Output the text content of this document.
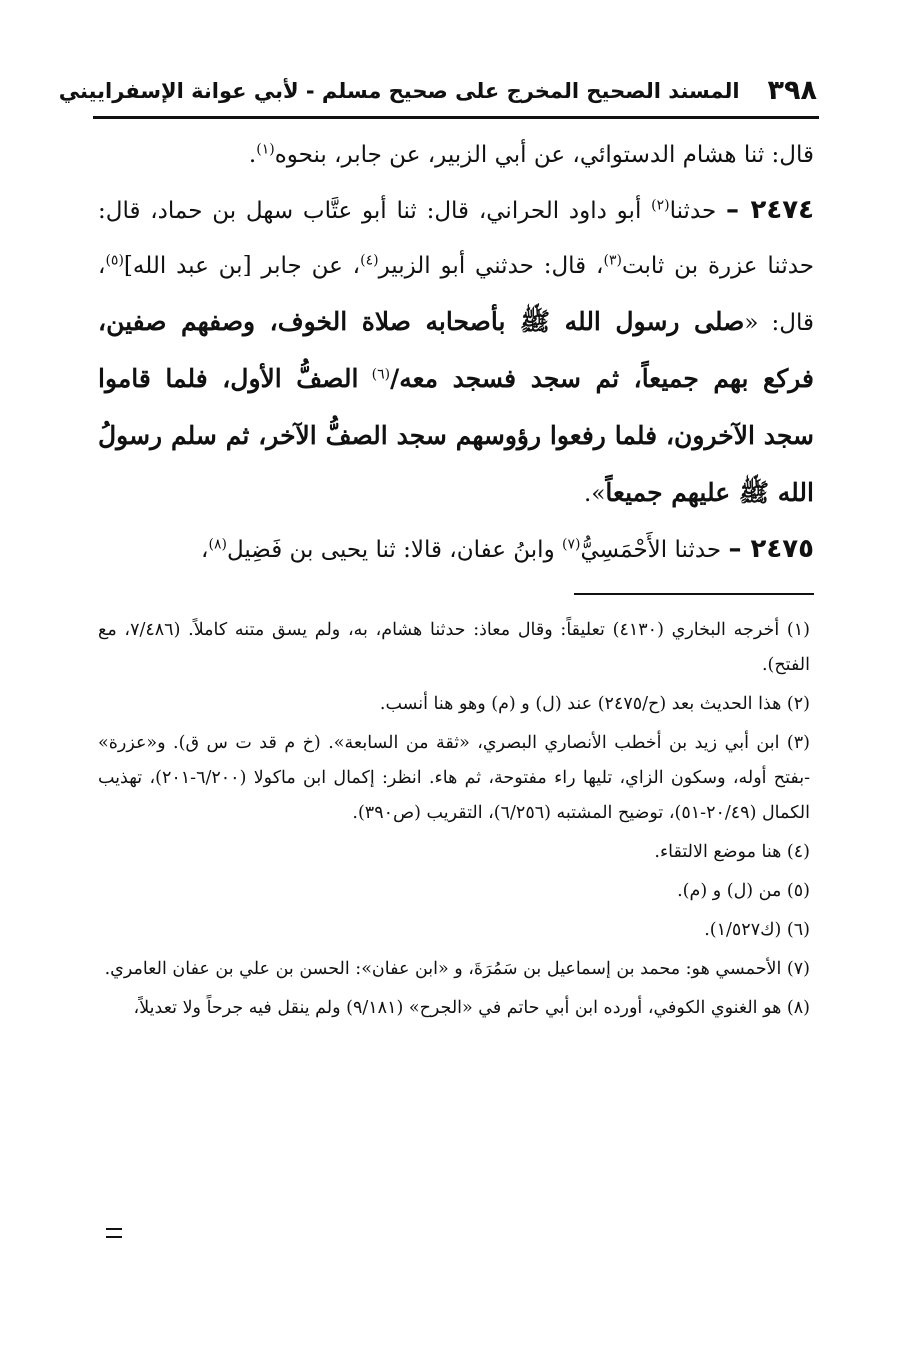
٣٩٨
المسند الصحيح المخرج على صحيح مسلم - لأبي عوانة الإسفراييني

قال: ثنا هشام الدستوائي، عن أبي الزبير، عن جابر، بنحوه$^{(١)}$.

٢٤٧٤ – حدثنا$^{(٢)}$ أبو داود الحراني، قال: ثنا أبو عتَّاب سهل بن حماد، قال: حدثنا عزرة بن ثابت$^{(٣)}$، قال: حدثني أبو الزبير$^{(٤)}$، عن جابر [بن عبد الله]$^{(٥)}$، قال: «صلى رسول الله ﷺ بأصحابه صلاة الخوف، وصفهم صفين، فركع بهم جميعاً، ثم سجد فسجد معه/$^{(٦)}$ الصفُّ الأول، فلما قاموا سجد الآخرون، فلما رفعوا رؤوسهم سجد الصفُّ الآخر، ثم سلم رسولُ الله ﷺ عليهم جميعاً».

٢٤٧٥ – حدثنا الأَحْمَسِيُّ$^{(٧)}$ وابنُ عفان، قالا: ثنا يحيى بن فَضِيل$^{(٨)}$،

(١) أخرجه البخاري (٤١٣٠) تعليقاً: وقال معاذ: حدثنا هشام، به، ولم يسق متنه كاملاً. (٧/٤٨٦، مع الفتح).

(٢) هذا الحديث بعد (ح/٢٤٧٥) عند (ل) و (م) وهو هنا أنسب.

(٣) ابن أبي زيد بن أخطب الأنصاري البصري، «ثقة من السابعة». (خ م قد ت س ق). و«عزرة» -بفتح أوله، وسكون الزاي، تليها راء مفتوحة، ثم هاء. انظر: إكمال ابن ماكولا (٦/٢٠٠-٢٠١)، تهذيب الكمال (٢٠/٤٩-٥١)، توضيح المشتبه (٦/٢٥٦)، التقريب (ص٣٩٠).

(٤) هنا موضع الالتقاء.

(٥) من (ل) و (م).

(٦) (ك١/٥٢٧).

(٧) الأحمسي هو: محمد بن إسماعيل بن سَمُرَةَ، و «ابن عفان»: الحسن بن علي بن عفان العامري.

(٨) هو الغنوي الكوفي، أورده ابن أبي حاتم في «الجرح» (٩/١٨١) ولم ينقل فيه جرحاً ولا تعديلاً،
